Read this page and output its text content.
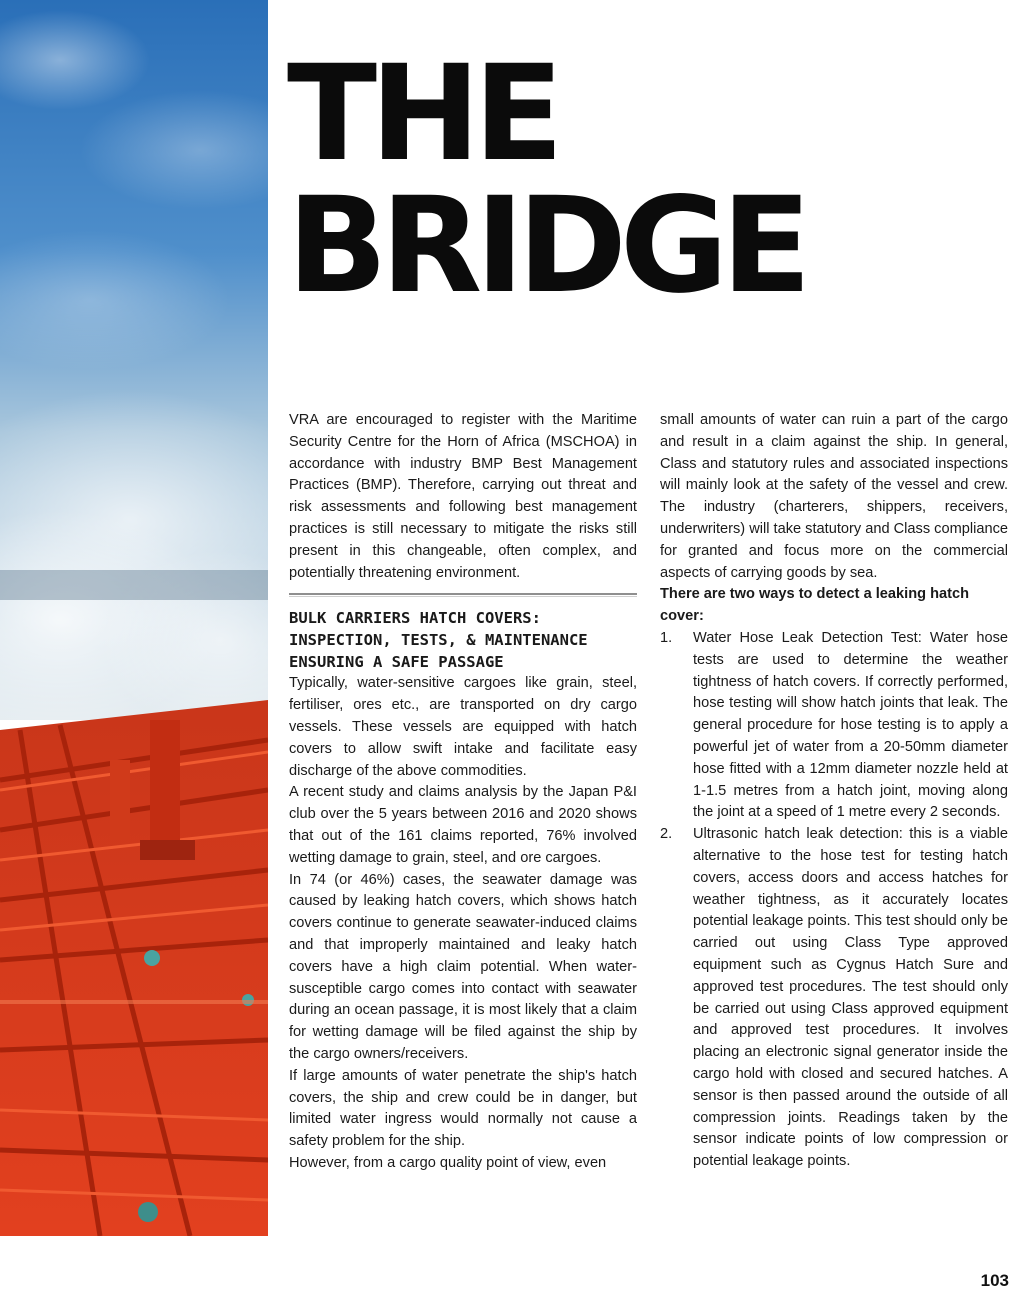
THE
BRIDGE

VRA are encouraged to register with the Maritime Security Centre for the Horn of Africa (MSCHOA) in accordance with industry BMP Best Management Practices (BMP). Therefore, carrying out threat and risk assessments and following best management practices is still necessary to mitigate the risks still present in this changeable, often complex, and potentially threatening environment.

BULK CARRIERS HATCH COVERS: INSPECTION, TESTS, & MAINTENANCE ENSURING A SAFE PASSAGE

Typically, water-sensitive cargoes like grain, steel, fertiliser, ores etc., are transported on dry cargo vessels. These vessels are equipped with hatch covers to allow swift intake and facilitate easy discharge of the above commodities.

A recent study and claims analysis by the Japan P&I club over the 5 years between 2016 and 2020 shows that out of the 161 claims reported, 76% involved wetting damage to grain, steel, and ore cargoes.

In 74 (or 46%) cases, the seawater damage was caused by leaking hatch covers, which shows hatch covers continue to generate seawater-induced claims and that improperly maintained and leaky hatch covers have a high claim potential. When water-susceptible cargo comes into contact with seawater during an ocean passage, it is most likely that a claim for wetting damage will be filed against the ship by the cargo owners/receivers.

If large amounts of water penetrate the ship's hatch covers, the ship and crew could be in danger, but limited water ingress would normally not cause a safety problem for the ship.

However, from a cargo quality point of view, even

small amounts of water can ruin a part of the cargo and result in a claim against the ship. In general, Class and statutory rules and associated inspections will mainly look at the safety of the vessel and crew. The industry (charterers, shippers, receivers, underwriters) will take statutory and Class compliance for granted and focus more on the commercial aspects of carrying goods by sea.

There are two ways to detect a leaking hatch cover:

1. Water Hose Leak Detection Test: Water hose tests are used to determine the weather tightness of hatch covers. If correctly performed, hose testing will show hatch joints that leak. The general procedure for hose testing is to apply a powerful jet of water from a 20-50mm diameter hose fitted with a 12mm diameter nozzle held at 1-1.5 metres from a hatch joint, moving along the joint at a speed of 1 metre every 2 seconds.
2. Ultrasonic hatch leak detection: this is a viable alternative to the hose test for testing hatch covers, access doors and access hatches for weather tightness, as it accurately locates potential leakage points. This test should only be carried out using Class Type approved equipment such as Cygnus Hatch Sure and approved test procedures. The test should only be carried out using Class approved equipment and approved test procedures. It involves placing an electronic signal generator inside the cargo hold with closed and secured hatches. A sensor is then passed around the outside of all compression joints. Readings taken by the sensor indicate points of low compression or potential leakage points.
103
